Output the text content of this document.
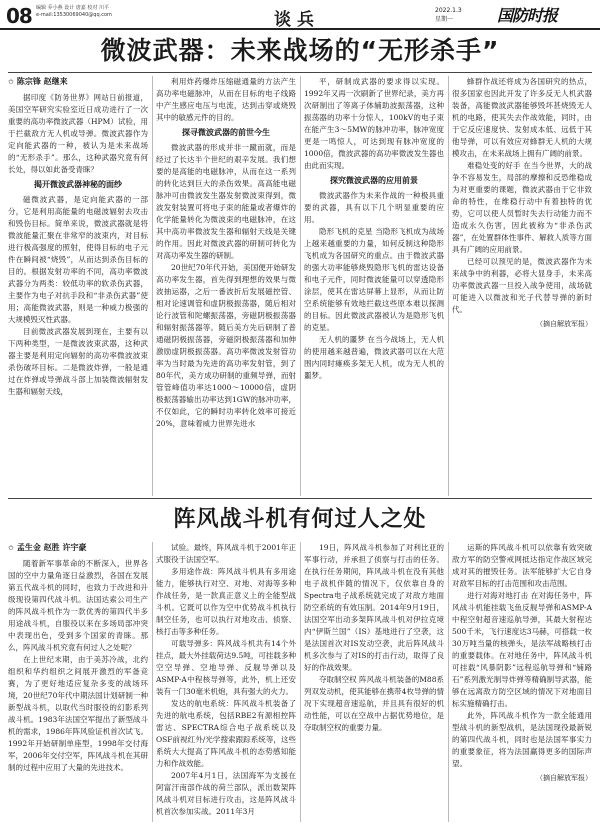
08 编辑 乔小燕 设计 唐嘉 校对 川平
e-mail:13530069040@qq.com	谈兵	2022.1.3
星期一	国防时报
微波武器：未来战场的“无形杀手”

✩ 陈宗锋 赵继来

据印度《防务世界》网站日前报道，美国空军研究实验室近日成功进行了一次重要的高功率微波武器（HPM）试验，用于拦截敌方无人机或导弹。微波武器作为定向能武器的一种，被认为是未来战场的“无形杀手”。那么，这种武器究竟有何长处，得以如此备受青睐？

揭开微波武器神秘的面纱

磁微波武器，是定向能武器的一部分，它是利用高能量的电磁波辐射去攻击和毁伤目标。简单来说，微波武器就是将微波能量汇聚在非常窄的波束内，对目标进行极高强度的照射，使得目标的电子元件在瞬间被“烧毁”，从而达到杀伤目标的目的。根据发射功率的不同，高功率微波武器分为两类：较低功率的软杀伤武器，主要作为电子对抗手段和“非杀伤武器”使用；高能微波武器，则是一种威力极强的大规模毁灭性武器。

目前微波武器发展到现在，主要有以下两种类型，一是微波波束武器，这种武器主要是利用定向辐射的高功率微波波束杀伤破坏目标。二是微波炸弹，一般是通过在炸弹或导弹战斗部上加装微波辐射发生器和辐射天线，

利用炸药爆炸压缩磁通量的方法产生高功率电磁脉冲，从而在目标的电子线路中产生感应电压与电流，达到击穿或烧毁其中的敏感元件的目的。

探寻微波武器的前世今生

微波武器的形成并非一蹴而就，而是经过了长达半个世纪的艰辛发展。我们想要的是高能的电磁脉冲，从而在这一系列的转化达到巨大的杀伤效果。高高能电磁脉冲可由微波发生器发射微波束得到，微波发射装置可将电子束的能量或者爆炸的化学能量转化为微波束的电磁脉冲，在这其中高功率微波发生器和辐射天线是关键的作用。因此对微波武器的研制可转化为对高功率发生器的研制。

20世纪70年代开始，美国便开始研发高功率发生器，首先得到理想的效果与微波抽运器，之后一番波折后发展磁控管、相对论速调管和虚阴极振荡器，随后相对论行波管和陀螺振荡器，旁磁阴极振荡器和辐射振荡器等。随后美方先后研制了普通磁阴极振荡器，旁磁阴极振荡器和加伸激励虚阴极振荡器。高功率微波发射管功率为当时最为先进的高功率发射管，到了80年代，美方成功研制的重频导弹，而射管管峰值功率达1000～10000倍，虚阴极振荡器输出功率达到1GW的脉冲功率，不仅如此，它的瞬时功率转化效率可接近20%，意味着威力世界先进水

平，研制成武器的要求得以实现。1992年又再一次刷新了世界纪录，美方再次研制出了等离子体辅助波振荡器，这种振荡器的功率十分惊人，100kV的电子束在能产生3～5MW的脉冲功率，脉冲宽度更是一鸣惊人，可达到现有脉冲宽度的1000倍，微波武器的高功率微波发生器也由此而实现。

探究微波武器的应用前景

微波武器作为未来作战的一种极具重要的武器，具有以下几个明显重要的应用。

隐形飞机的克星 当隐形飞机成为战场上越来越重要的力量，如何反制这种隐形飞机成为各国研究的重点。由于微波武器的强大功率能够烧毁隐形飞机的雷达设备和电子元件，同时微波能量可以穿透隐形涂层，使其在雷达屏幕上显形，从而让防空系统能够有效地拦截这些原本难以探测的目标。因此微波武器被认为是隐形飞机的克星。

无人机的噩梦 在当今战场上，无人机的使用越来越普遍，微波武器可以在大范围内同时瘫痪多架无人机，成为无人机的噩梦。

蜂群作战还将成为各国研究的热点，很多国家也因此开发了许多反无人机武器装备，高能微波武器能够毁坏甚烧毁无人机的电路，使其失去作战效能，同时，由于它反应速度快、发射成本低、远低于其他导弹，可以有效应对蜂群无人机的大规模攻击，在未来战场上拥有广阔的前景。

难稳处变的好手 在当今世界，大的战争不容易发生，局部的摩擦和反恐维稳成为对更重要的课题，微波武器由于它非致命的特性，在维稳行动中有着独特的优势，它可以使人员暂时失去行动能力而不造成永久伤害，因此被称为“非杀伤武器”，在处置群体性事件、解救人质等方面具有广阔的应用前景。

已经可以预见的是，微波武器作为未来战争中的利器，必将大显身手，未来高功率微波武器一旦投入战争使用，战场就可能进入以微波和光子代替导弹的新时代。

（摘自解放军报）

阵风战斗机有何过人之处

✩ 孟生金 赵胜 许宇豪

随着新军事革命的不断深入，世界各国的空中力量角逐日益激烈，各国在发展第五代战斗机的同时，也致力于改进和升级现役第四代战斗机。法国达索公司生产的阵风战斗机作为一款优秀的第四代半多用途战斗机，自服役以来在多场局部冲突中表现出色，受到多个国家的青睐。那么，阵风战斗机究竟有何过人之处呢？

在上世纪末期，由于美苏冷战，北约组织和华约组织之间展开激烈的军备竞赛，为了更好地适应复杂多变的战场环境，20世纪70年代中期法国计划研制一种新型战斗机，以取代当时服役的幻影系列战斗机。1983年法国空军提出了新型战斗机的需求，1986年阵风验证机首次试飞。1992年开始研制单座型，1998年交付海军，2006年交付空军，阵风战斗机在其研制的过程中应用了大量的先进技术。

试验。最终，阵风战斗机于2001年正式服役于法国空军。

多用途作战：阵风战斗机具有多用途能力，能够执行对空、对地、对海等多种作战任务，是一款真正意义上的全能型战斗机。它既可以作为空中优势战斗机执行制空任务，也可以执行对地攻击、侦察、核打击等多种任务。

可载导弹多：阵风战斗机共有14个外挂点，最大外挂载荷达9.5吨，可挂载多种空空导弹、空地导弹、反舰导弹以及ASMP-A中程核导弹等，此外，机上还安装有一门30毫米机炮，具有强大的火力。

发达的航电系统：阵风战斗机装备了先进的航电系统，包括RBE2有源相控阵雷达、SPECTRA综合电子战系统以及OSF前视红外/光学搜索跟踪系统等，这些系统大大提高了阵风战斗机的态势感知能力和作战效能。

2007年4月1日，法国海军为支援在阿富汗南部作战的荷兰部队，派出数架阵风战斗机对目标进行攻击，这是阵风战斗机首次参加实战。2011年3月

19日，阵风战斗机参加了对利比亚的军事行动，并承担了侦察与打击的任务。在执行任务期间，阵风战斗机在没有其他电子战机伴随的情况下，仅依靠自身的Spectra电子战系统就完成了对敌方地面防空系统的有效压制。2014年9月19日，法国空军出动多架阵风战斗机对伊拉克境内“伊斯兰国”（IS）基地进行了空袭，这是法国首次对IS发动空袭，此后阵风战斗机多次参与了对IS的打击行动，取得了良好的作战效果。

夺取制空权 阵风战斗机装备的M88系列双发动机，使其能够在携带4枚导弹的情况下实现超音速巡航，并且具有很好的机动性能，可以在空战中占据优势地位，是夺取制空权的重要力量。

运斯的阵风战斗机可以依靠有效突破敌方军的防空警戒网抵达指定作战区域完成对其的摧毁任务。法军能够扩大它自身对敌军目标的打击范围和攻击范围。

进行对海对地打击 在对海任务中，阵风战斗机能挂载飞鱼反舰导弹和ASMP-A中程空射超音速巡航导弹，其最大射程达500千米，飞行速度达3马赫，可搭载一枚30万吨当量的核弹头，是法军战略核打击的重要载体。在对地任务中，阵风战斗机可挂载“风暴阴影”远程巡航导弹和“铺路石”系列激光制导炸弹等精确制导武器，能够在远离敌方防空区域的情况下对地面目标实施精确打击。

此外，阵风战斗机作为一款全能通用型战斗机的新型战机，是法国现役最新锐的第四代战斗机，同时也是法国军事实力的重要象征，将为法国赢得更多的国际声望。

（摘自解放军报）
